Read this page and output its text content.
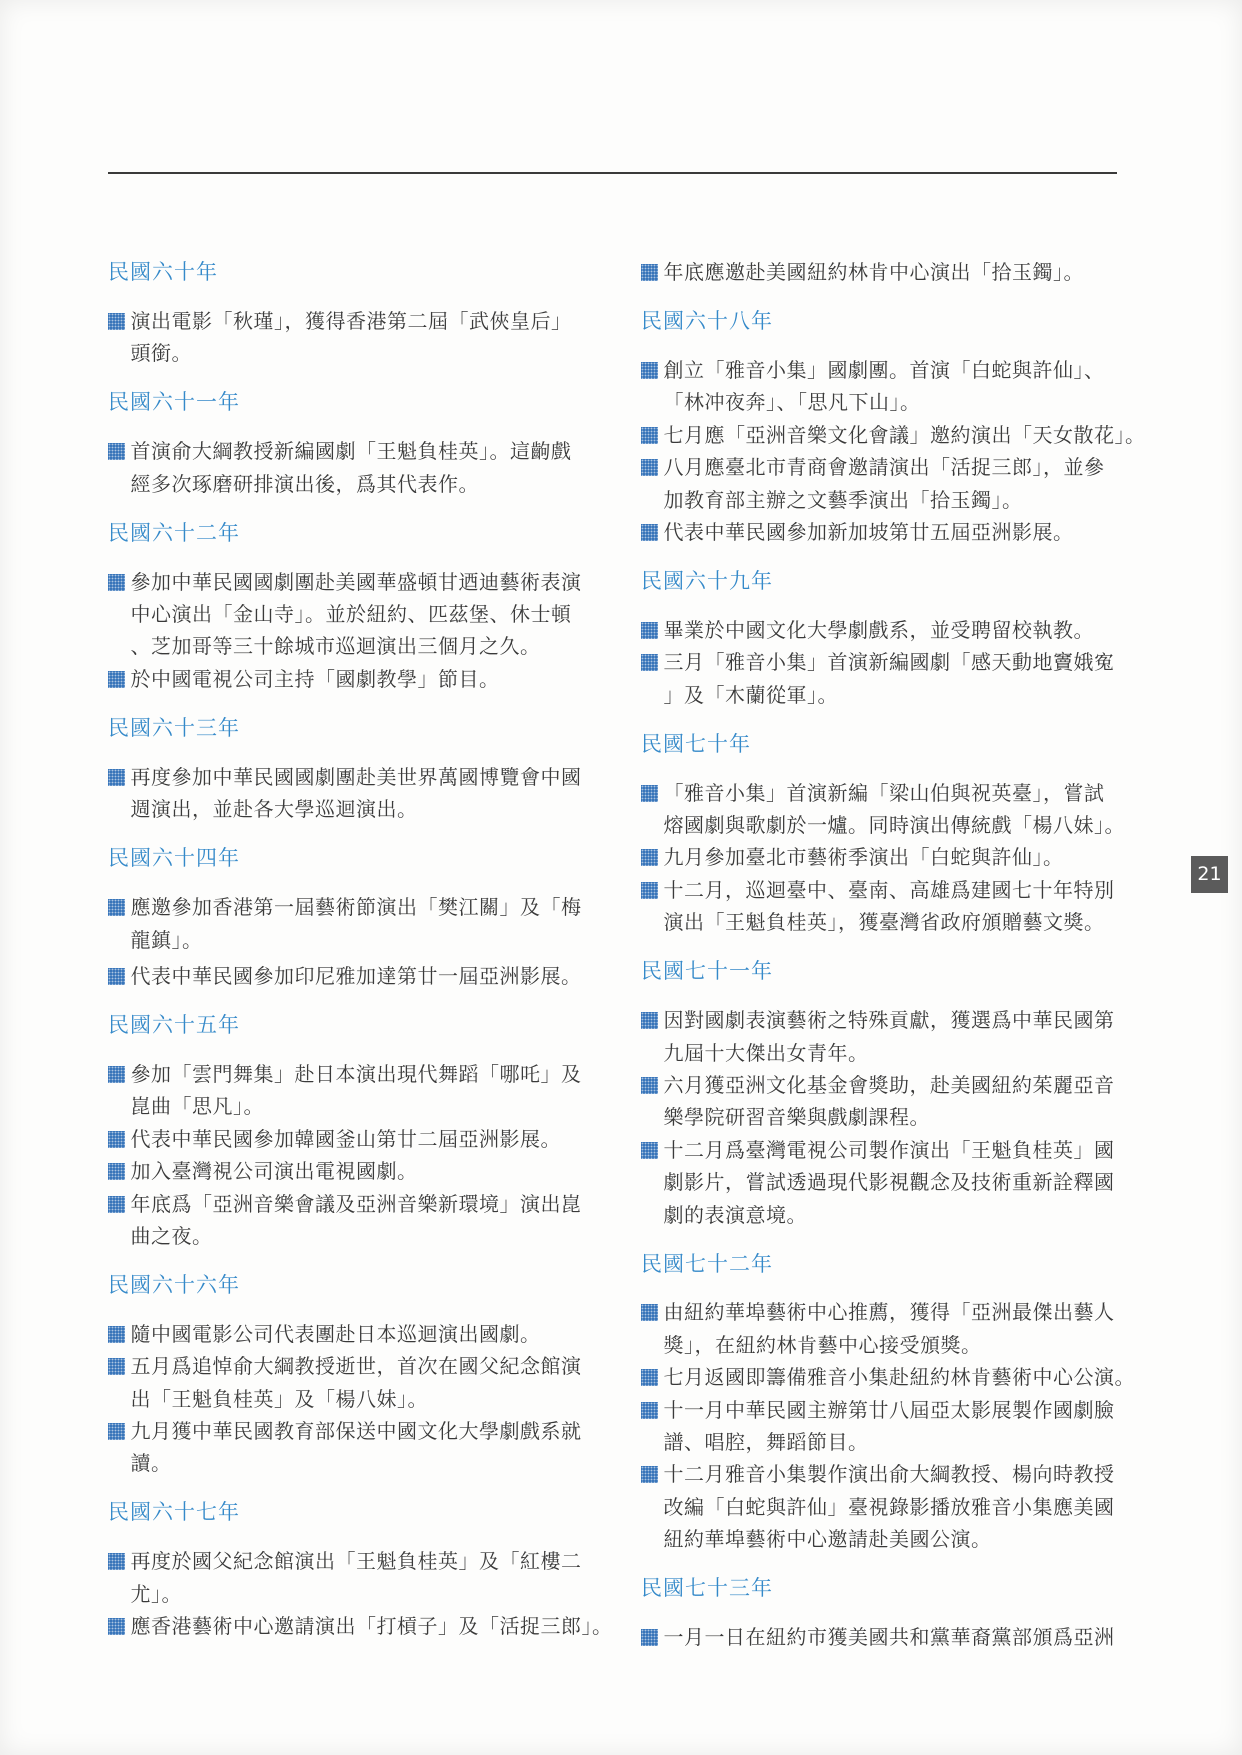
民國六十年
演出電影「秋瑾」，獲得香港第二屆「武俠皇后」
頭銜。
民國六十一年
首演俞大綱教授新編國劇「王魁負桂英」。這齣戲
經多次琢磨研排演出後，爲其代表作。
民國六十二年
參加中華民國國劇團赴美國華盛頓甘迺迪藝術表演
中心演出「金山寺」。並於紐約、匹茲堡、休士頓
、芝加哥等三十餘城市巡迴演出三個月之久。
於中國電視公司主持「國劇教學」節目。
民國六十三年
再度參加中華民國國劇團赴美世界萬國博覽會中國
週演出，並赴各大學巡迴演出。
民國六十四年
應邀參加香港第一屆藝術節演出「樊江關」及「梅
龍鎮」。
代表中華民國參加印尼雅加達第廿一屆亞洲影展。
民國六十五年
參加「雲門舞集」赴日本演出現代舞蹈「哪吒」及
崑曲「思凡」。
代表中華民國參加韓國釜山第廿二屆亞洲影展。
加入臺灣視公司演出電視國劇。
年底爲「亞洲音樂會議及亞洲音樂新環境」演出崑
曲之夜。
民國六十六年
隨中國電影公司代表團赴日本巡迴演出國劇。
五月爲追悼俞大綱教授逝世，首次在國父紀念館演
出「王魁負桂英」及「楊八妹」。
九月獲中華民國教育部保送中國文化大學劇戲系就
讀。
民國六十七年
再度於國父紀念館演出「王魁負桂英」及「紅樓二
尤」。
應香港藝術中心邀請演出「打槓子」及「活捉三郎」。
年底應邀赴美國紐約林肯中心演出「拾玉鐲」。
民國六十八年
創立「雅音小集」國劇團。首演「白蛇與許仙」、
「林冲夜奔」、「思凡下山」。
七月應「亞洲音樂文化會議」邀約演出「天女散花」。
八月應臺北市青商會邀請演出「活捉三郎」，並參
加教育部主辦之文藝季演出「拾玉鐲」。
代表中華民國參加新加坡第廿五屆亞洲影展。
民國六十九年
畢業於中國文化大學劇戲系，並受聘留校執教。
三月「雅音小集」首演新編國劇「感天動地竇娥寃
」及「木蘭從軍」。
民國七十年
「雅音小集」首演新編「梁山伯與祝英臺」，嘗試
熔國劇與歌劇於一爐。同時演出傳統戲「楊八妹」。
九月參加臺北市藝術季演出「白蛇與許仙」。
十二月，巡迴臺中、臺南、高雄爲建國七十年特別
演出「王魁負桂英」，獲臺灣省政府頒贈藝文獎。
民國七十一年
因對國劇表演藝術之特殊貢獻，獲選爲中華民國第
九屆十大傑出女青年。
六月獲亞洲文化基金會獎助，赴美國紐約茱麗亞音
樂學院研習音樂與戲劇課程。
十二月爲臺灣電視公司製作演出「王魁負桂英」國
劇影片，嘗試透過現代影視觀念及技術重新詮釋國
劇的表演意境。
民國七十二年
由紐約華埠藝術中心推薦，獲得「亞洲最傑出藝人
獎」，在紐約林肯藝中心接受頒獎。
七月返國即籌備雅音小集赴紐約林肯藝術中心公演。
十一月中華民國主辦第廿八屆亞太影展製作國劇臉
譜、唱腔，舞蹈節目。
十二月雅音小集製作演出俞大綱教授、楊向時教授
改編「白蛇與許仙」臺視錄影播放雅音小集應美國
紐約華埠藝術中心邀請赴美國公演。
民國七十三年
一月一日在紐約市獲美國共和黨華裔黨部頒爲亞洲
21
